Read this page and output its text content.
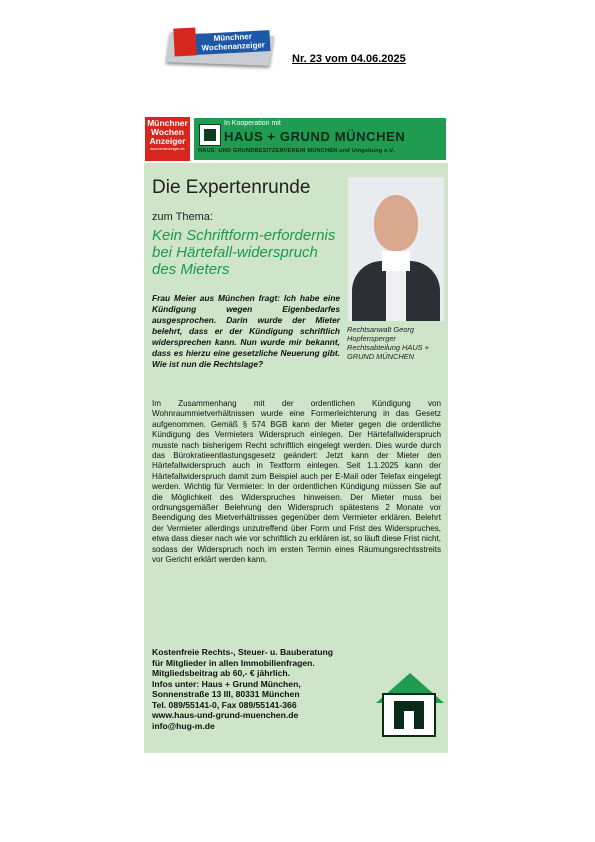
Münchner
Wochenanzeiger
Nr. 23 vom 04.06.2025
Münchner
Wochen
Anzeiger
wochenanzeiger.de
In Kooperation mit
HAUS + GRUND MÜNCHEN
HAUS- UND GRUNDBESITZERVEREIN MÜNCHEN und Umgebung e.V.
Die Expertenrunde
zum Thema:
Kein Schriftform-erfordernis bei Härtefall-widerspruch des Mieters
Frau Meier aus München fragt: Ich habe eine Kündigung wegen Eigenbedarfes ausgesprochen. Darin wurde der Mieter belehrt, dass er der Kündigung schriftlich widersprechen kann. Nun wurde mir bekannt, dass es hierzu eine gesetzliche Neuerung gibt. Wie ist nun die Rechtslage?
Rechtsanwalt Georg Hopfensperger Rechtsabteilung HAUS + GRUND MÜNCHEN
Im Zusammenhang mit der ordentlichen Kündigung von Wohnraummietverhältnissen wurde eine Formerleichterung in das Gesetz aufgenommen. Gemäß § 574 BGB kann der Mieter gegen die ordentliche Kündigung des Vermieters Widerspruch einlegen. Der Härtefallwiderspruch musste nach bisherigem Recht schriftlich eingelegt werden. Dies wurde durch das Bürokratieentlastungsgesetz geändert: Jetzt kann der Mieter den Härtefallwiderspruch auch in Textform einlegen. Seit 1.1.2025 kann der Härtefallwiderspruch damit zum Beispiel auch per E-Mail oder Telefax eingelegt werden. Wichtig für Vermieter: In der ordentlichen Kündigung müssen Sie auf die Möglichkeit des Widerspruches hinweisen. Der Mieter muss bei ordnungsgemäßer Belehrung den Widerspruch spätestens 2 Monate vor Beendigung des Mietverhältnisses gegenüber dem Vermieter erklären. Belehrt der Vermieter allerdings unzutreffend über Form und Frist des Widerspruches, etwa dass dieser nach wie vor schriftlich zu erklären ist, so läuft diese Frist nicht, sodass der Widerspruch noch im ersten Termin eines Räumungsrechtsstreits vor Gericht erklärt werden kann.
Kostenfreie Rechts-, Steuer- u. Bauberatung
für Mitglieder in allen Immobilienfragen.
Mitgliedsbeitrag ab 60,- € jährlich.
Infos unter: Haus + Grund München,
Sonnenstraße 13 III, 80331 München
Tel. 089/55141-0, Fax 089/55141-366
www.haus-und-grund-muenchen.de
info@hug-m.de
